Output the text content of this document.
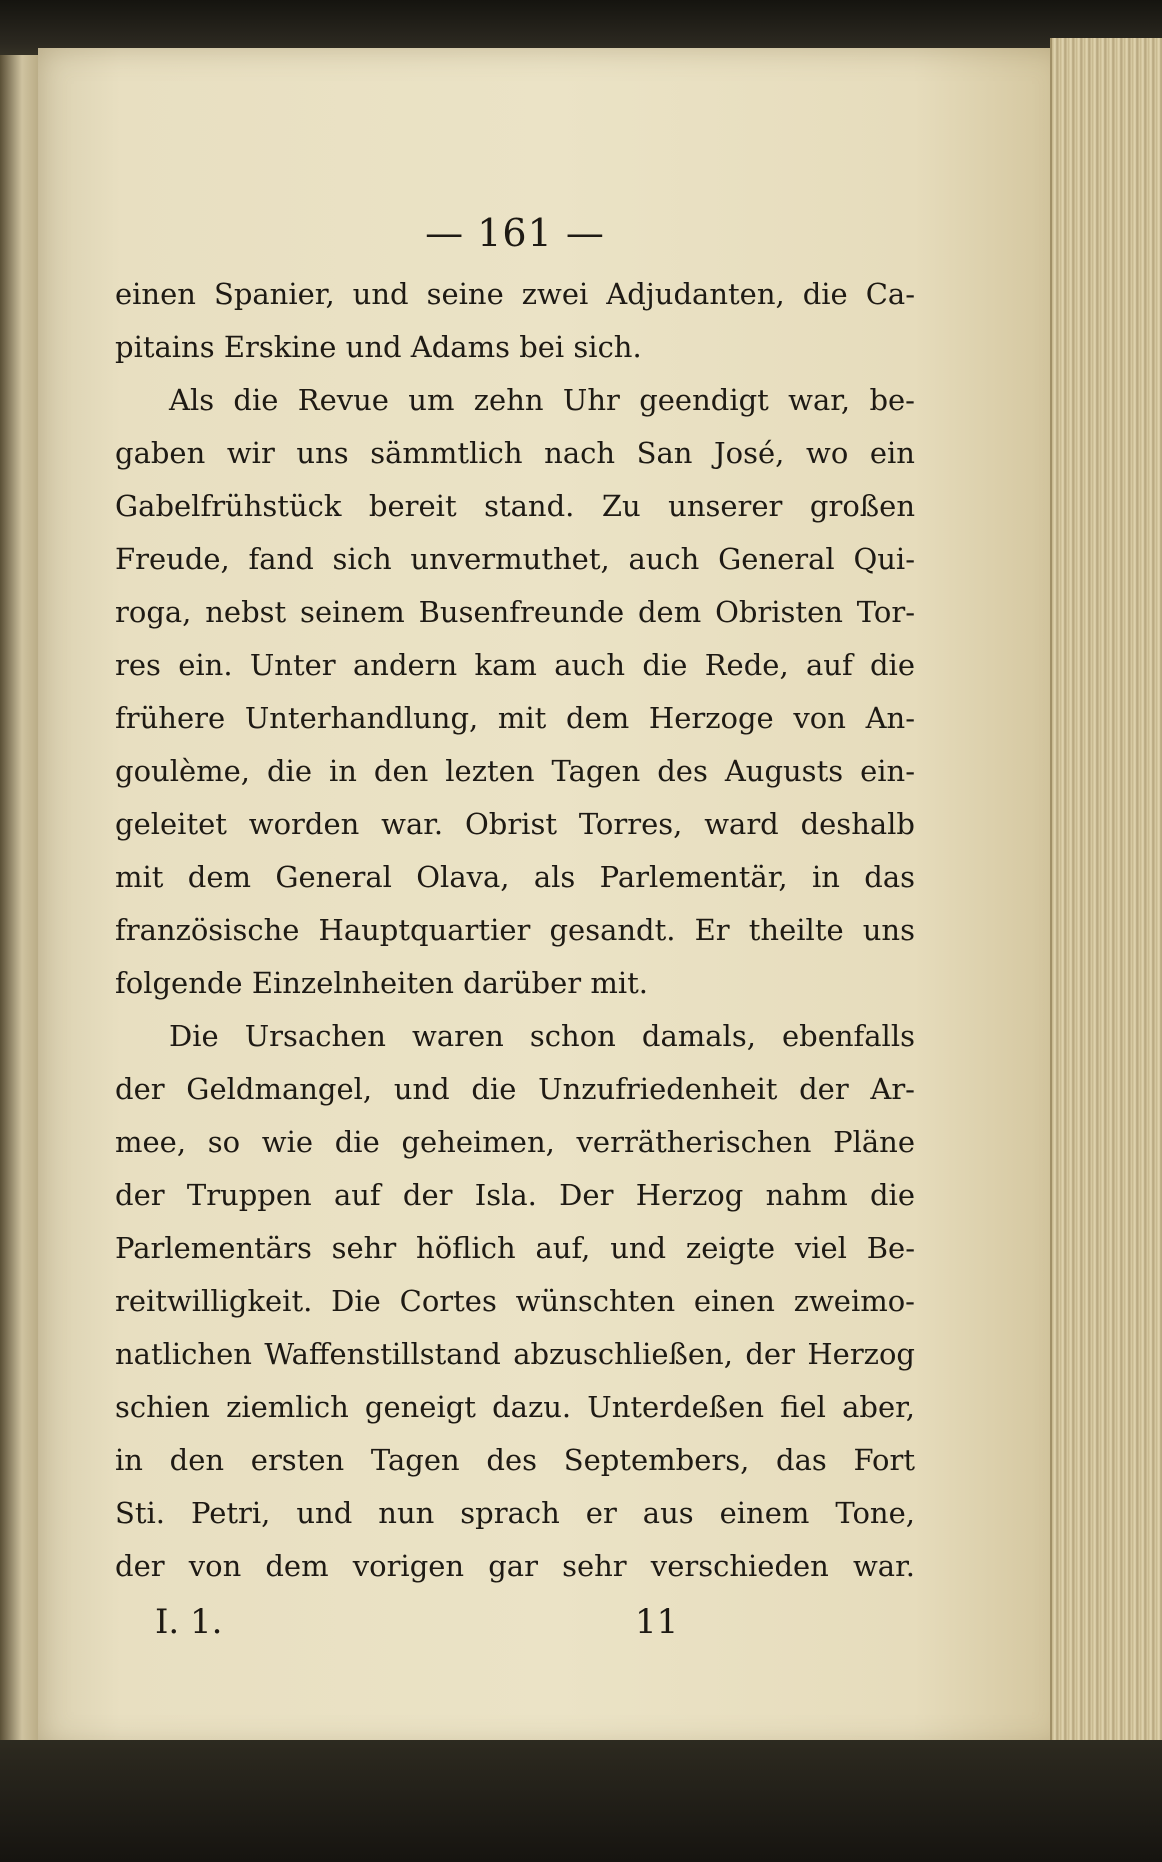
— 161 —
einen Spanier, und seine zwei Adjudanten, die Ca-
pitains Erskine und Adams bei sich.
Als die Revue um zehn Uhr geendigt war, be-
gaben wir uns sämmtlich nach San José, wo ein
Gabelfrühstück bereit stand. Zu unserer großen
Freude, fand sich unvermuthet, auch General Qui-
roga, nebst seinem Busenfreunde dem Obristen Tor-
res ein. Unter andern kam auch die Rede, auf die
frühere Unterhandlung, mit dem Herzoge von An-
goulème, die in den lezten Tagen des Augusts ein-
geleitet worden war. Obrist Torres, ward deshalb
mit dem General Olava, als Parlementär, in das
französische Hauptquartier gesandt. Er theilte uns
folgende Einzelnheiten darüber mit.
Die Ursachen waren schon damals, ebenfalls
der Geldmangel, und die Unzufriedenheit der Ar-
mee, so wie die geheimen, verrätherischen Pläne
der Truppen auf der Isla. Der Herzog nahm die
Parlementärs sehr höflich auf, und zeigte viel Be-
reitwilligkeit. Die Cortes wünschten einen zweimo-
natlichen Waffenstillstand abzuschließen, der Herzog
schien ziemlich geneigt dazu. Unterdeßen fiel aber,
in den ersten Tagen des Septembers, das Fort
Sti. Petri, und nun sprach er aus einem Tone,
der von dem vorigen gar sehr verschieden war.
I. 1.	11
